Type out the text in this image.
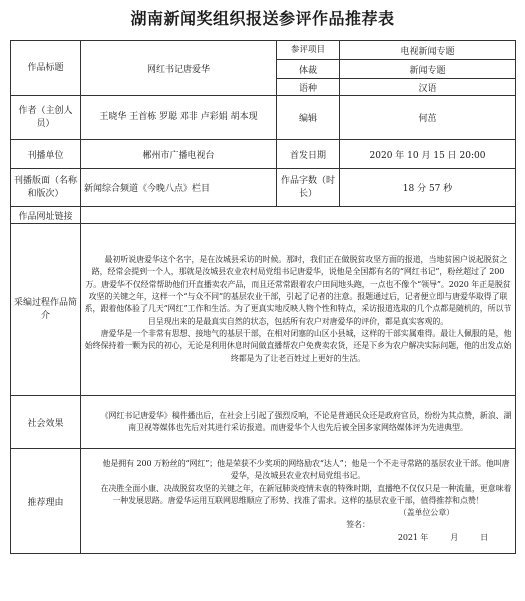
湖南新闻奖组织报送参评作品推荐表
作品标题	网红书记唐爱华	参评项目	电视新闻专题
		体裁	新闻专题
		语种	汉语
作者（主创人员）	王晓华 王首栋 罗聪 邓非 卢彩娟 胡本现	编辑	何茁
刊播单位	郴州市广播电视台	首发日期	2020 年 10 月 15 日 20:00
刊播版面（名称和版次）	新闻综合频道《今晚八点》栏目	作品字数（时长）	18 分 57 秒
作品网址链接			
采编过程作品简介	最初听说唐爱华这个名字，是在汝城县采访的时候。那时，我们正在做脱贫攻坚方面的报道，当地贫困户说起脱贫之路，经常会提到一个人，那就是汝城县农业农村局党组书记唐爱华，说他是全国都有名的“网红书记”，粉丝超过了 200 万。唐爱华不仅经常帮助他们开直播卖农产品，而且还常常跟着农户田间地头跑，一点也不像个“领导”。2020 年正是脱贫攻坚的关键之年，这样一个“与众不同”的基层农业干部，引起了记者的注意。报题通过后，记者便立即与唐爱华取得了联系，跟着他体验了几天“网红”工作和生活。为了更真实地反映人物个性和特点，采访报道选取的几个点都是随机的，所以节目呈现出来的是最真实自然的状态，包括所有农户对唐爱华的评价，都是真实客观的。

唐爱华是一个非常有思想、接地气的基层干部，在相对闭塞的山区小县城，这样的干部实属难得。最让人佩服的是，他始终保持着一颗为民的初心，无论是利用休息时间做直播帮农户免费卖农货，还是下乡为农户解决实际问题，他的出发点始终都是为了让老百姓过上更好的生活。		

社会效果	《网红书记唐爱华》稿件播出后，在社会上引起了强烈反响，不论是普通民众还是政府官员，纷纷为其点赞，新浪、湖南卫视等媒体也先后对其进行采访报道。而唐爱华个人也先后被全国多家网络媒体评为先进典型。		

推荐理由	他是拥有 200 万粉丝的“网红”；他是荣获不少奖项的网络励农“达人”；他是一个不走寻常路的基层农业干部。他叫唐爱华，是汝城县农业农村局党组书记。

在决胜全面小康、决战脱贫攻坚的关键之年，在新冠肺炎疫情未袁的特殊时期，直播绝不仅仅只是一种流量，更意味着一种发展思路。唐爱华运用互联网思维顺应了形势、找准了需求。这样的基层农业干部，值得推荐和点赞！

（盖单位公章）

签名：

2021 年 月 日		
